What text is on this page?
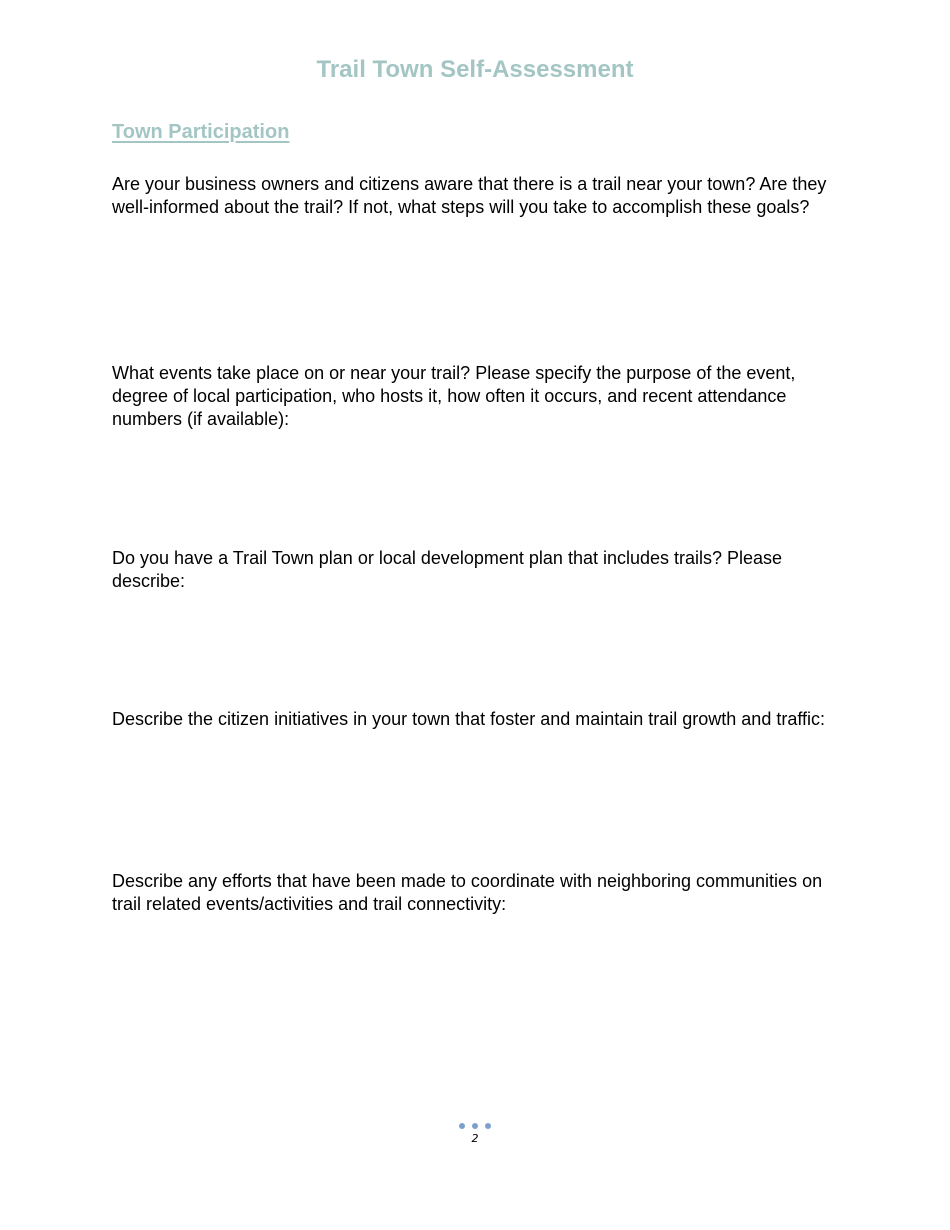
Trail Town Self-Assessment
Town Participation

Are your business owners and citizens aware that there is a trail near your town? Are they well-informed about the trail? If not, what steps will you take to accomplish these goals?

What events take place on or near your trail? Please specify the purpose of the event, degree of local participation, who hosts it, how often it occurs, and recent attendance numbers (if available):

Do you have a Trail Town plan or local development plan that includes trails? Please describe:

Describe the citizen initiatives in your town that foster and maintain trail growth and traffic:

Describe any efforts that have been made to coordinate with neighboring communities on trail related events/activities and trail connectivity:

2
